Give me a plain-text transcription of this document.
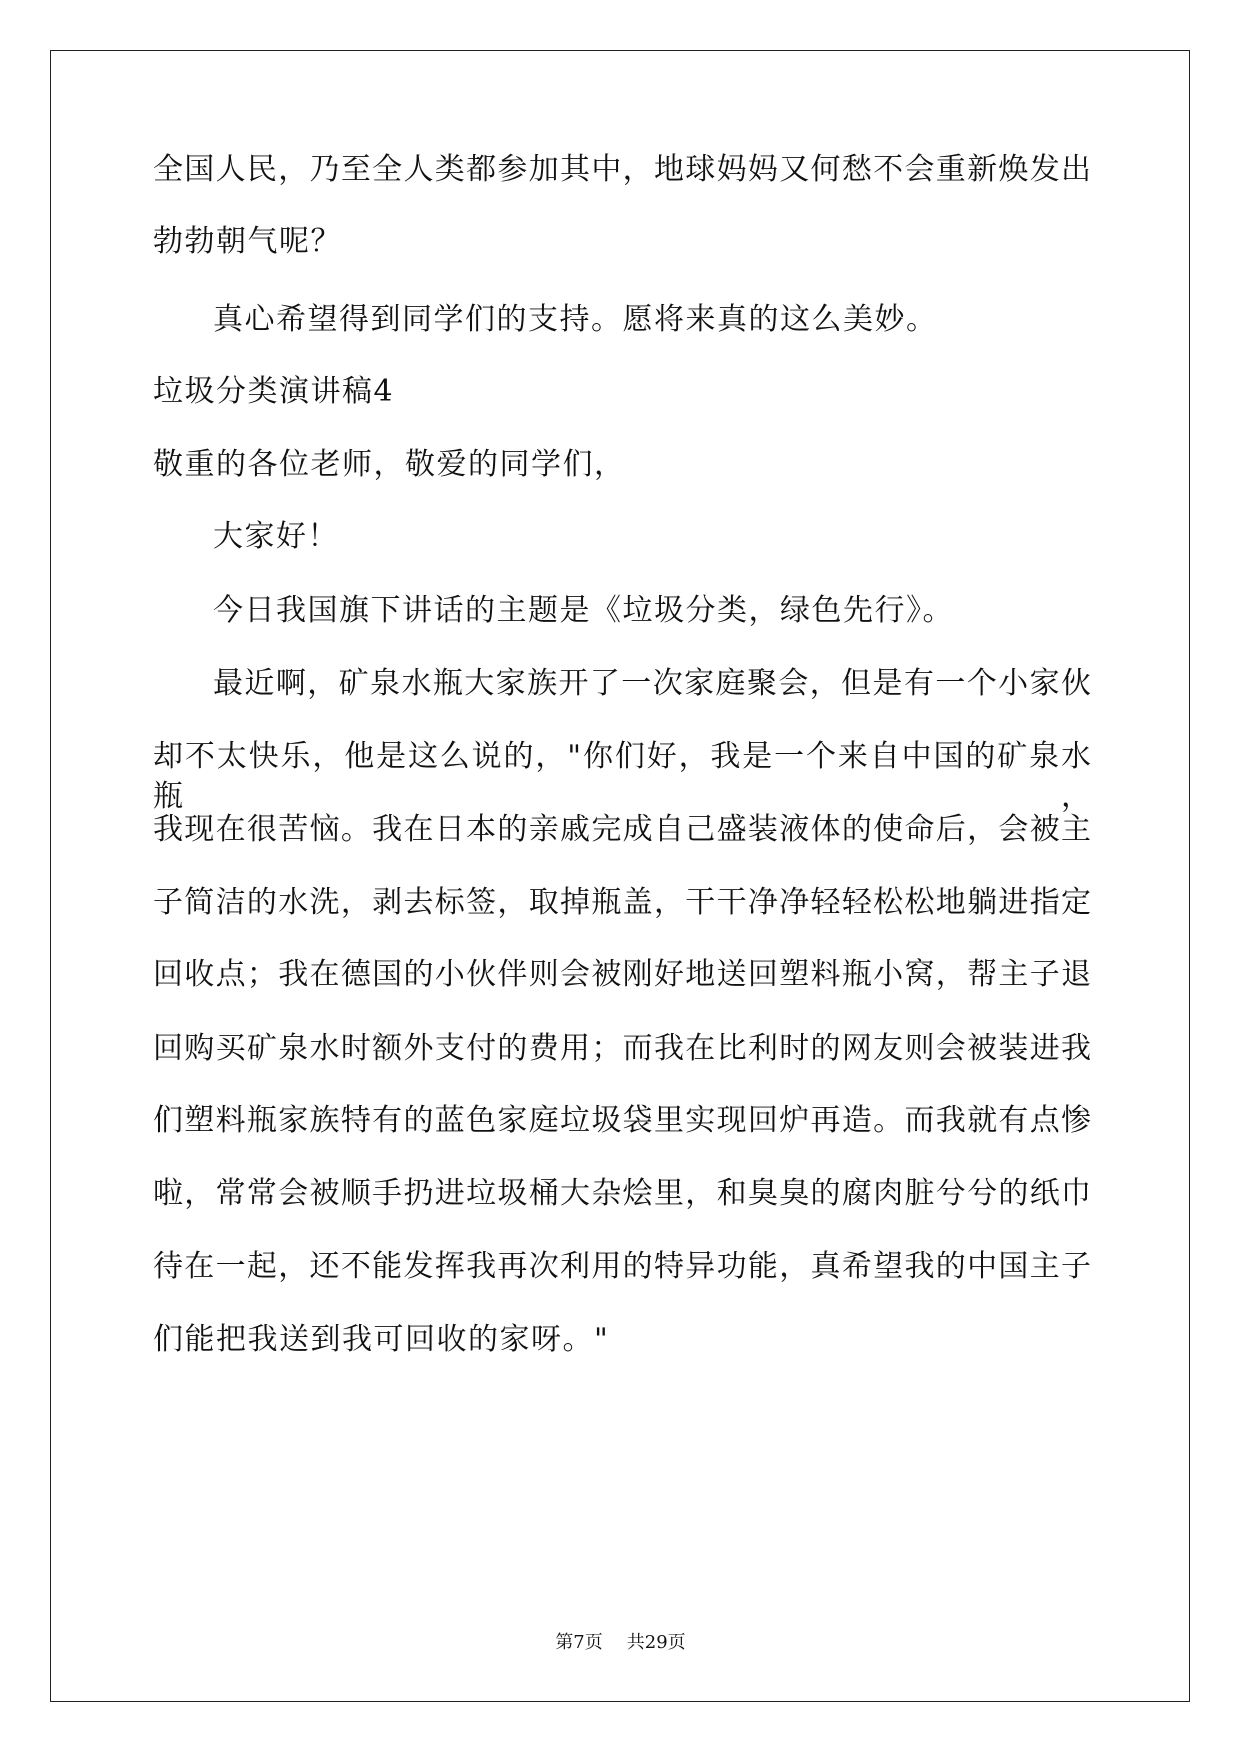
全国人民，乃至全人类都参加其中，地球妈妈又何愁不会重新焕发出
勃勃朝气呢？
真心希望得到同学们的支持。愿将来真的这么美妙。
垃圾分类演讲稿4
敬重的各位老师，敬爱的同学们，
大家好！
今日我国旗下讲话的主题是《垃圾分类，绿色先行》。
最近啊，矿泉水瓶大家族开了一次家庭聚会，但是有一个小家伙
却不太快乐，他是这么说的，"你们好，我是一个来自中国的矿泉水瓶，
我现在很苦恼。我在日本的亲戚完成自己盛装液体的使命后，会被主
子简洁的水洗，剥去标签，取掉瓶盖，干干净净轻轻松松地躺进指定
回收点；我在德国的小伙伴则会被刚好地送回塑料瓶小窝，帮主子退
回购买矿泉水时额外支付的费用；而我在比利时的网友则会被装进我
们塑料瓶家族特有的蓝色家庭垃圾袋里实现回炉再造。而我就有点惨
啦，常常会被顺手扔进垃圾桶大杂烩里，和臭臭的腐肉脏兮兮的纸巾
待在一起，还不能发挥我再次利用的特异功能，真希望我的中国主子
们能把我送到我可回收的家呀。"
第7页 共29页
